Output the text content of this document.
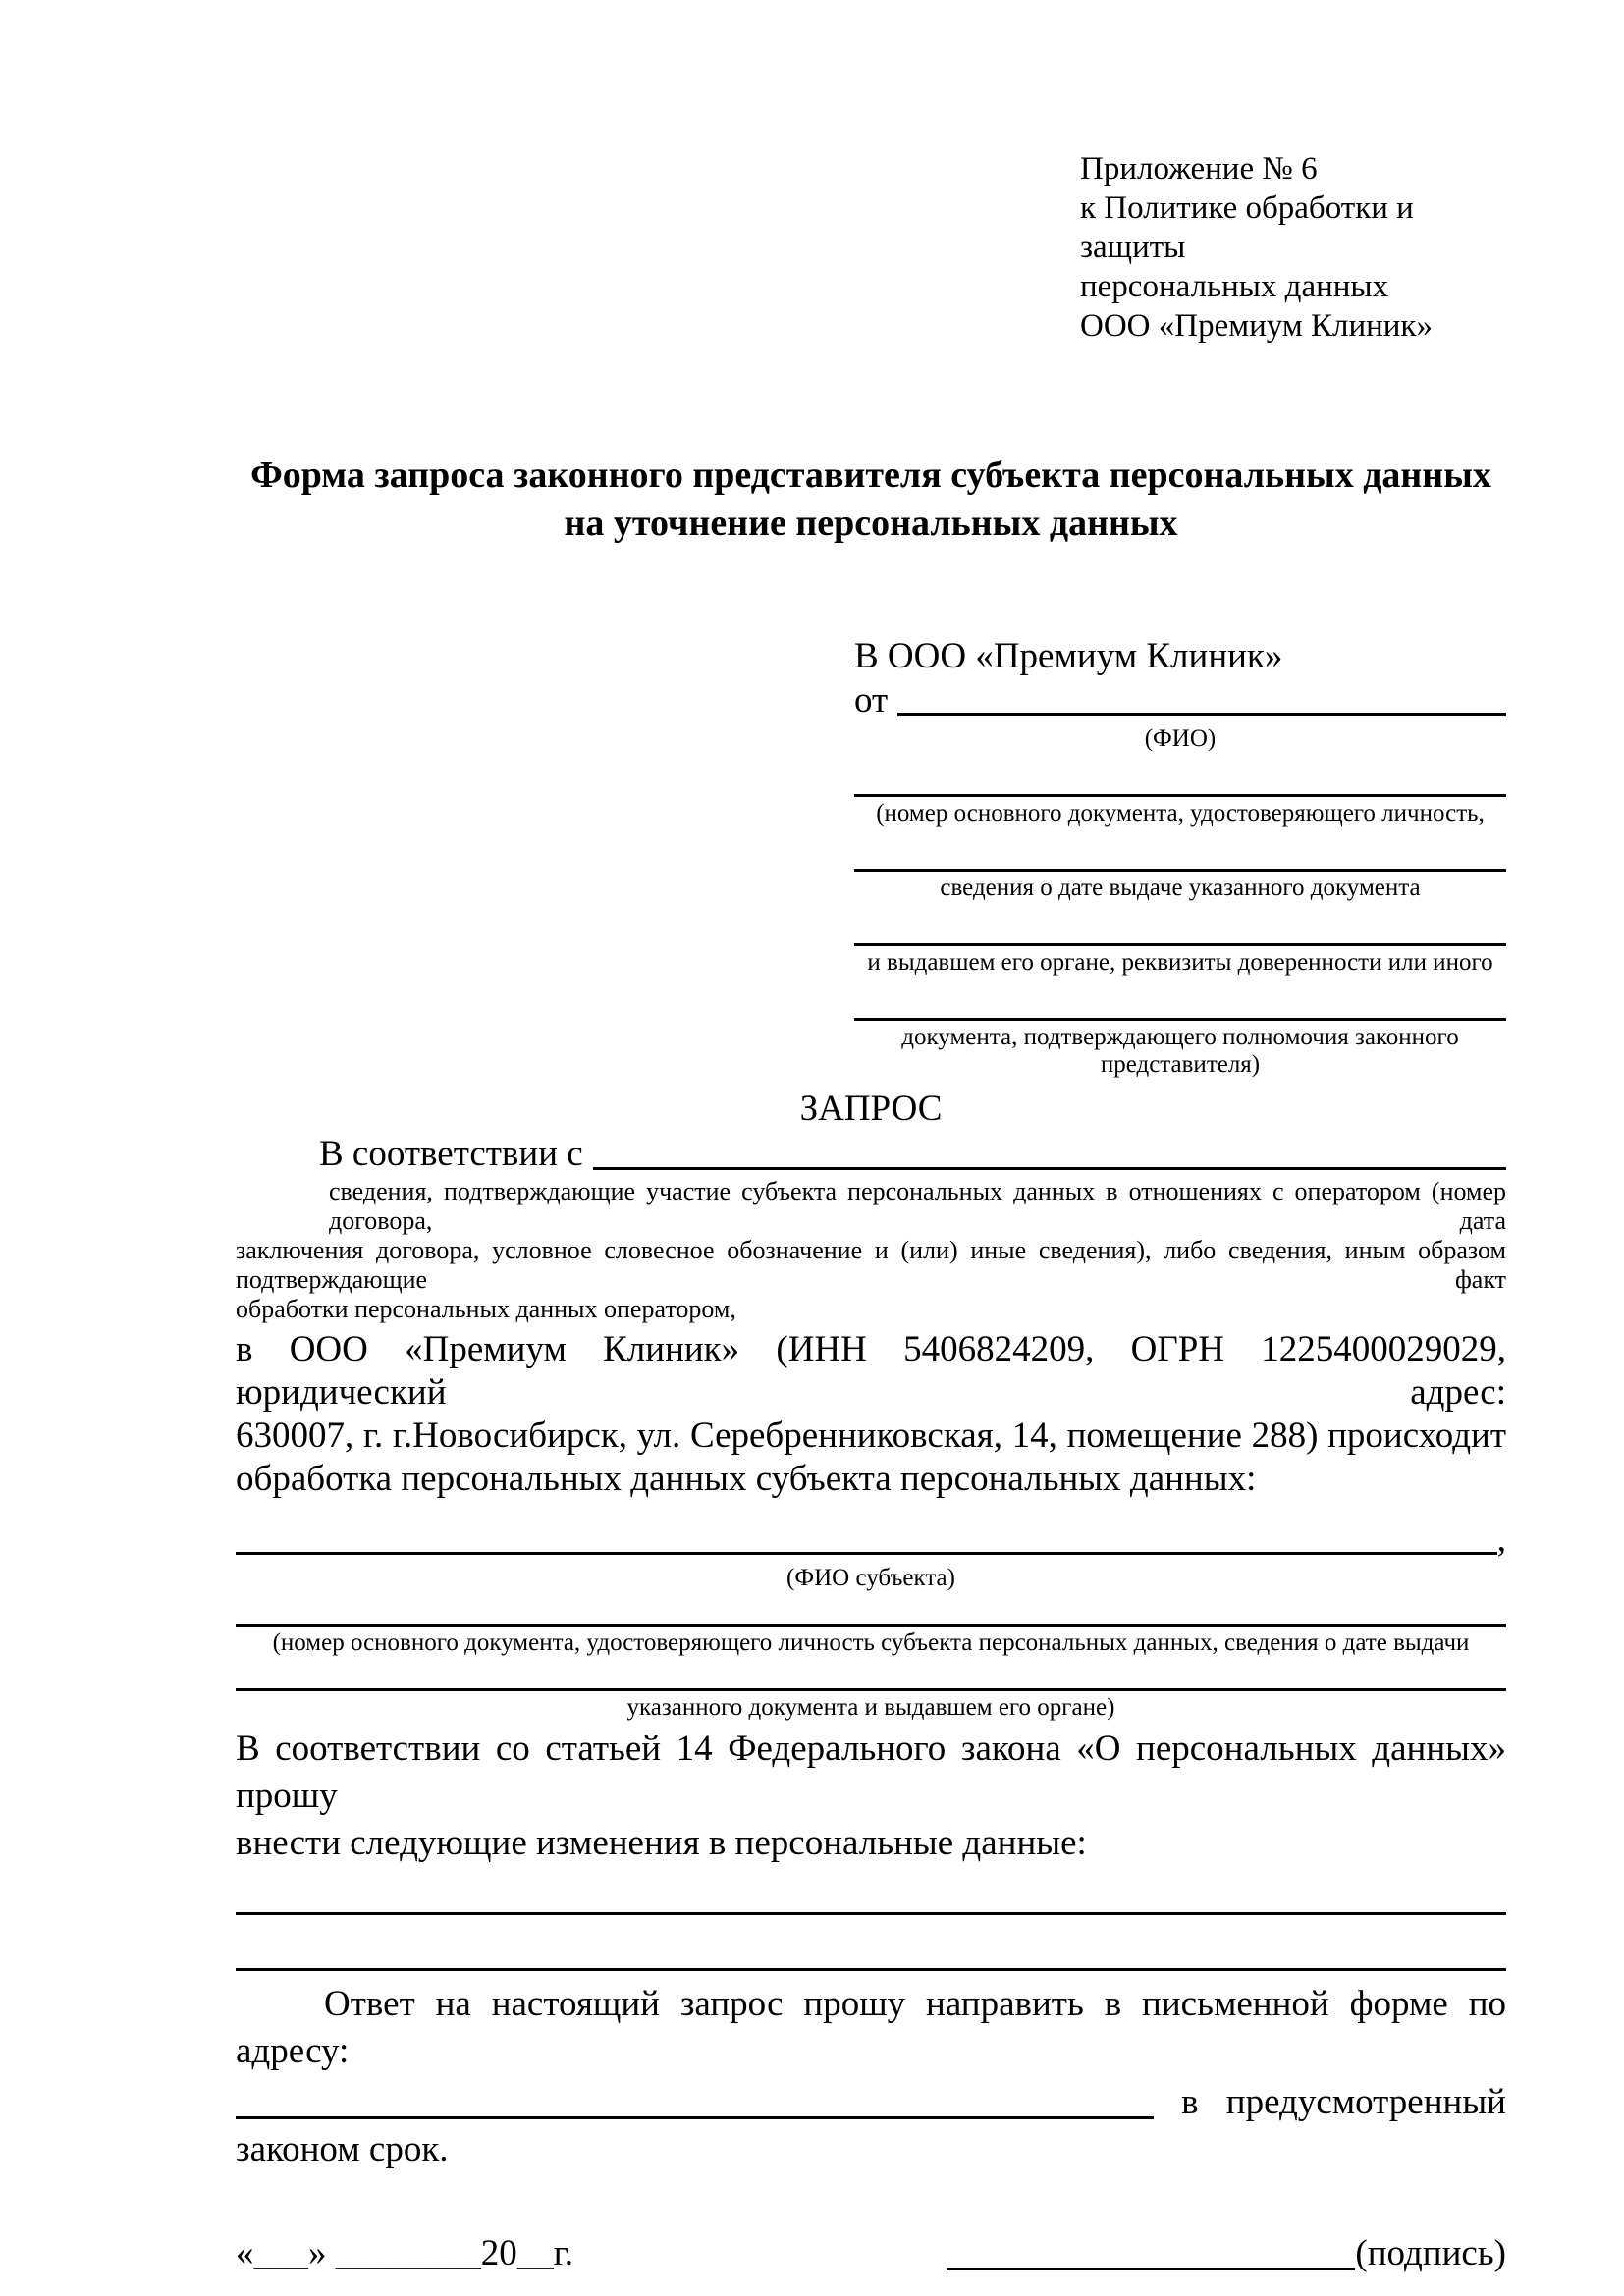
Приложение № 6
к Политике обработки и защиты
персональных данных
ООО «Премиум Клиник»
Форма запроса законного представителя субъекта персональных данных
на уточнение персональных данных
В ООО «Премиум Клиник»
от
(ФИО)
(номер основного документа, удостоверяющего личность,
сведения о дате выдаче указанного документа
и выдавшем его органе, реквизиты доверенности или иного
документа, подтверждающего полномочия законного представителя)
ЗАПРОС
В соответствии с
сведения, подтверждающие участие субъекта персональных данных в отношениях с оператором (номер договора, дата
заключения договора, условное словесное обозначение и (или) иные сведения), либо сведения, иным образом подтверждающие факт
обработки персональных данных оператором,
в ООО «Премиум Клиник» (ИНН 5406824209, ОГРН 1225400029029, юридический адрес:
630007, г. г.Новосибирск, ул. Серебренниковская, 14, помещение 288) происходит
обработка персональных данных субъекта персональных данных:
,
(ФИО субъекта)
(номер основного документа, удостоверяющего личность субъекта персональных данных, сведения о дате выдачи
указанного документа и выдавшем его органе)
В соответствии со статьей 14 Федерального закона «О персональных данных» прошу
внести следующие изменения в персональные данные:
Ответ на настоящий запрос прошу направить в письменной форме по адресу:
в предусмотренный
законом срок.
«___» ________20__г.	(подпись)
